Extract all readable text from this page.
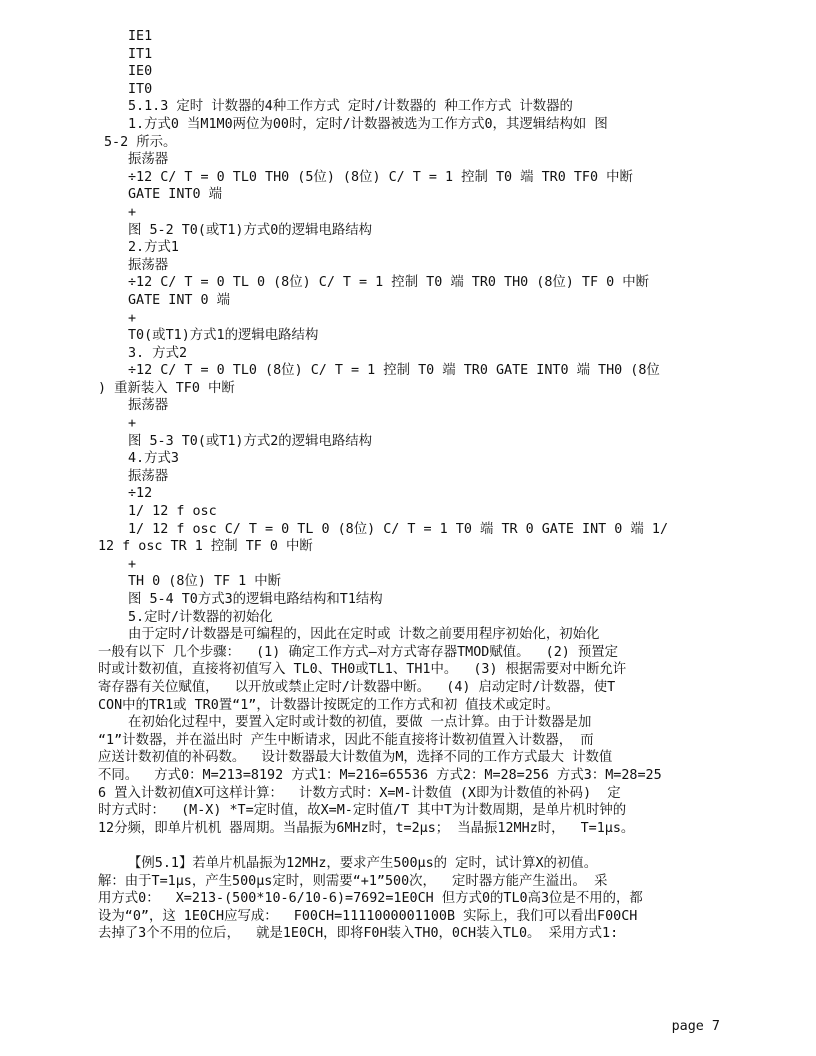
IE1
IT1
IE0
IT0
5.1.3 定时 计数器的4种工作方式 定时/计数器的 种工作方式 计数器的
1.方式0 当M1M0两位为00时，定时/计数器被选为工作方式0，其逻辑结构如 图
5-2 所示。
振荡器
÷12 C/ T = 0 TL0 TH0 (5位) (8位) C/ T = 1 控制 T0 端 TR0 TF0 中断
GATE INT0 端
+
图 5-2 T0(或T1)方式0的逻辑电路结构
2.方式1
振荡器
÷12 C/ T = 0 TL 0 (8位) C/ T = 1 控制 T0 端 TR0 TH0 (8位) TF 0 中断
GATE INT 0 端
+
T0(或T1)方式1的逻辑电路结构
3. 方式2
÷12 C/ T = 0 TL0 (8位) C/ T = 1 控制 T0 端 TR0 GATE INT0 端 TH0 (8位
) 重新装入 TF0 中断
振荡器
+
图 5-3 T0(或T1)方式2的逻辑电路结构
4.方式3
振荡器
÷12
1/ 12 f osc
1/ 12 f osc C/ T = 0 TL 0 (8位) C/ T = 1 T0 端 TR 0 GATE INT 0 端 1/
12 f osc TR 1 控制 TF 0 中断
+
TH 0 (8位) TF 1 中断
图 5-4 T0方式3的逻辑电路结构和T1结构
5.定时/计数器的初始化
由于定时/计数器是可编程的，因此在定时或 计数之前要用程序初始化，初始化
一般有以下 几个步骤：  (1) 确定工作方式—对方式寄存器TMOD赋值。  (2) 预置定
时或计数初值，直接将初值写入 TL0、TH0或TL1、TH1中。  (3) 根据需要对中断允许
寄存器有关位赋值，  以开放或禁止定时/计数器中断。  (4) 启动定时/计数器，使T
CON中的TR1或 TR0置“1”，计数器计按既定的工作方式和初 值技术或定时。
在初始化过程中，要置入定时或计数的初值，要做 一点计算。由于计数器是加
“1”计数器，并在溢出时 产生中断请求，因此不能直接将计数初值置入计数器， 而
应送计数初值的补码数。  设计数器最大计数值为M，选择不同的工作方式最大 计数值
不同。  方式0：M=213=8192 方式1：M=216=65536 方式2：M=28=256 方式3：M=28=25
6 置入计数初值X可这样计算：  计数方式时：X=M-计数值 (X即为计数值的补码)  定
时方式时：  (M-X) *T=定时值，故X=M-定时值/T 其中T为计数周期，是单片机时钟的
12分频，即单片机机 器周期。当晶振为6MHz时，t=2μs； 当晶振12MHz时，  T=1μs。
【例5.1】若单片机晶振为12MHz，要求产生500μs的 定时，试计算X的初值。
解：由于T=1μs，产生500μs定时，则需要“+1”500次，  定时器方能产生溢出。 采
用方式0：  X=213-(500*10-6/10-6)=7692=1E0CH 但方式0的TL0高3位是不用的，都
设为“0”，这 1E0CH应写成：  F00CH=1111000001100B 实际上，我们可以看出F00CH
去掉了3个不用的位后，  就是1E0CH，即将F0H装入TH0，0CH装入TL0。 采用方式1:
page 7
